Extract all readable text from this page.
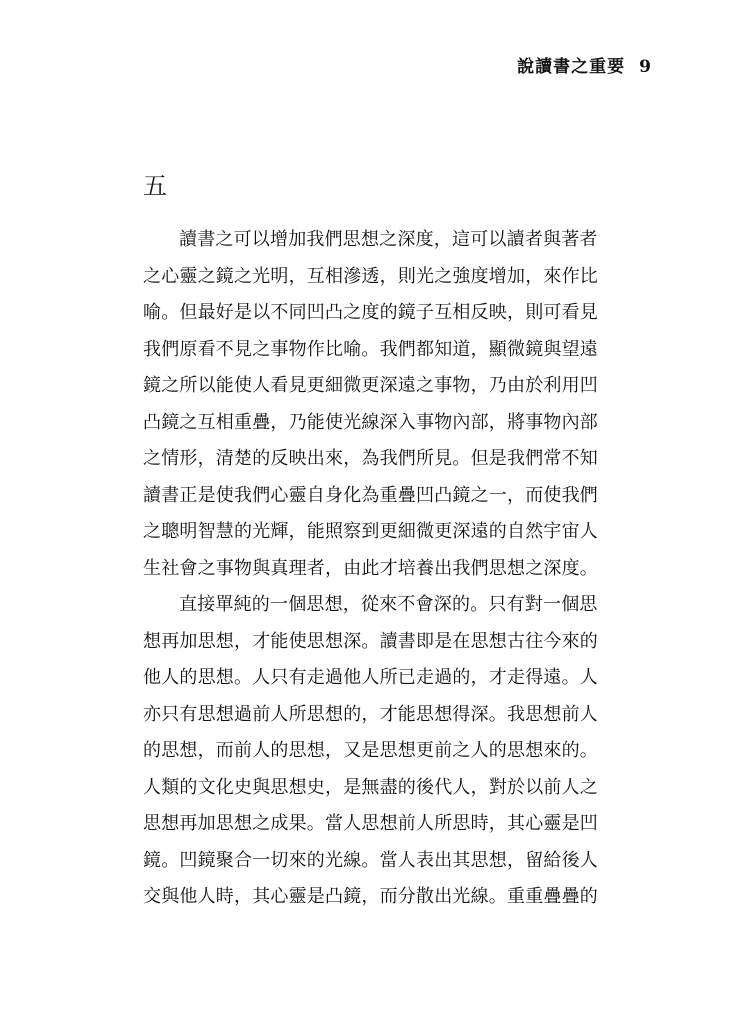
說讀書之重要 9
五
讀書之可以增加我們思想之深度，這可以讀者與著者
之心靈之鏡之光明，互相滲透，則光之強度增加，來作比
喻。但最好是以不同凹凸之度的鏡子互相反映，則可看見
我們原看不見之事物作比喻。我們都知道，顯微鏡與望遠
鏡之所以能使人看見更細微更深遠之事物，乃由於利用凹
凸鏡之互相重疊，乃能使光線深入事物內部，將事物內部
之情形，清楚的反映出來，為我們所見。但是我們常不知
讀書正是使我們心靈自身化為重疊凹凸鏡之一，而使我們
之聰明智慧的光輝，能照察到更細微更深遠的自然宇宙人
生社會之事物與真理者，由此才培養出我們思想之深度。
直接單純的一個思想，從來不會深的。只有對一個思
想再加思想，才能使思想深。讀書即是在思想古往今來的
他人的思想。人只有走過他人所已走過的，才走得遠。人
亦只有思想過前人所思想的，才能思想得深。我思想前人
的思想，而前人的思想，又是思想更前之人的思想來的。
人類的文化史與思想史，是無盡的後代人，對於以前人之
思想再加思想之成果。當人思想前人所思時，其心靈是凹
鏡。凹鏡聚合一切來的光線。當人表出其思想，留給後人
交與他人時，其心靈是凸鏡，而分散出光線。重重疊疊的
